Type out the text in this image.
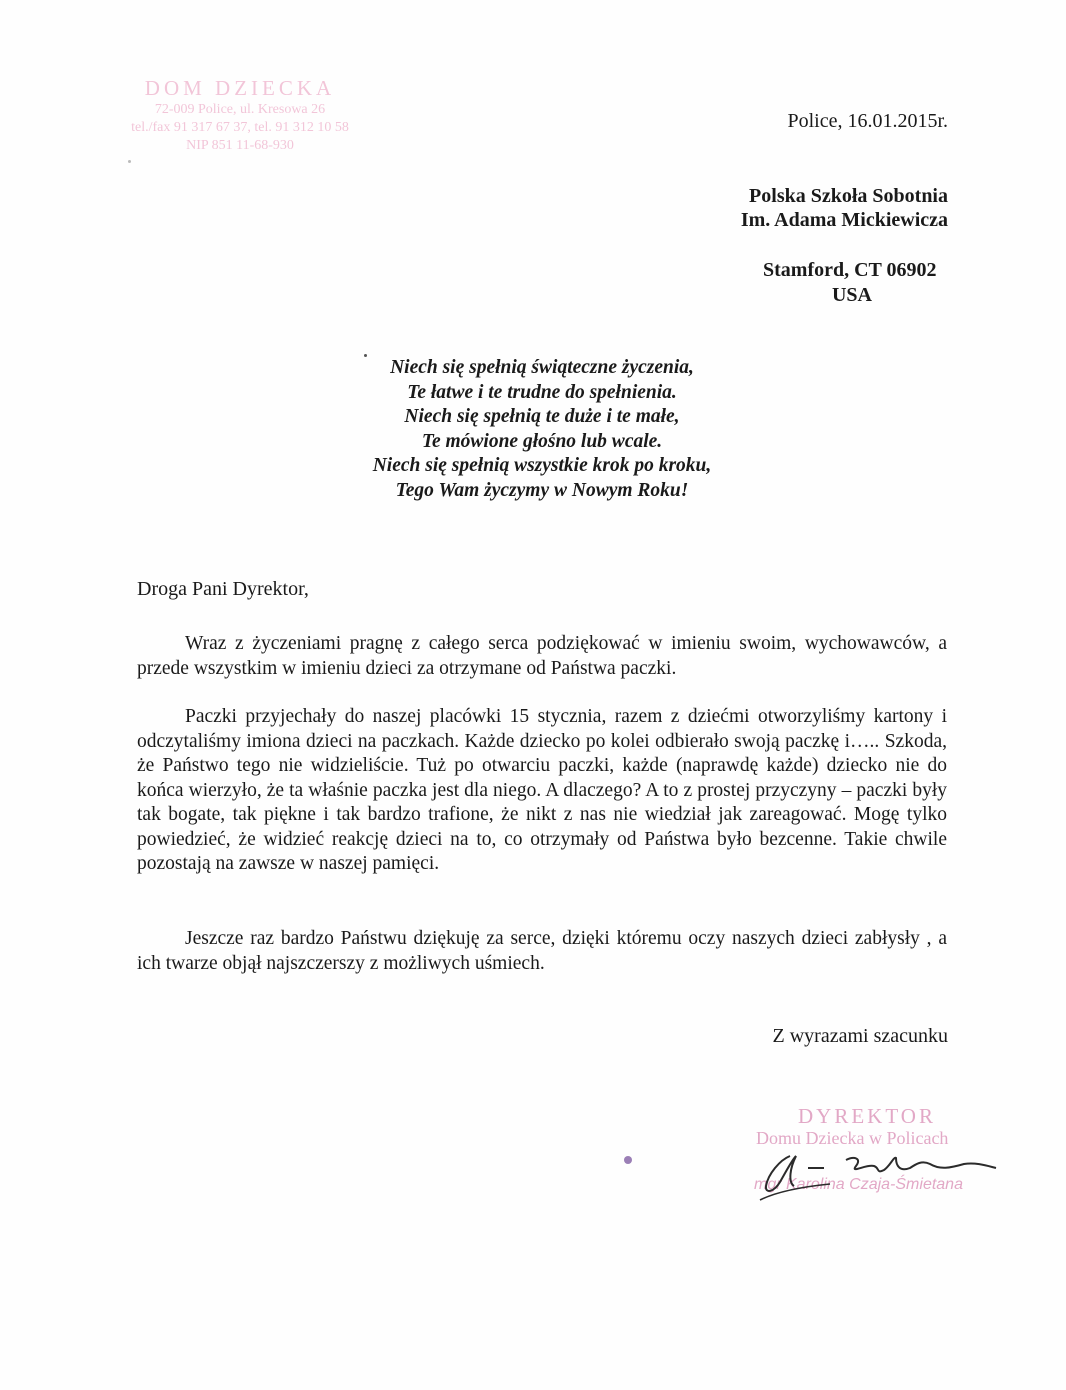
DOM DZIECKA
72-009 Police, ul. Kresowa 26
tel./fax 91 317 67 37, tel. 91 312 10 58
NIP 851 11-68-930
Police, 16.01.2015r.
Polska Szkoła Sobotnia
Im. Adama Mickiewicza
Stamford, CT 06902
USA
Niech się spełnią świąteczne życzenia,
Te łatwe i te trudne do spełnienia.
Niech się spełnią te duże i te małe,
Te mówione głośno lub wcale.
Niech się spełnią wszystkie krok po kroku,
Tego Wam życzymy w Nowym Roku!
Droga Pani Dyrektor,
Wraz z życzeniami pragnę z całego serca podziękować w imieniu swoim, wychowawców, a przede wszystkim w imieniu dzieci za otrzymane od Państwa paczki.
Paczki przyjechały do naszej placówki 15 stycznia, razem z dziećmi otworzyliśmy kartony i odczytaliśmy imiona dzieci na paczkach. Każde dziecko po kolei odbierało swoją paczkę i….. Szkoda, że Państwo tego nie widzieliście. Tuż po otwarciu paczki, każde (naprawdę każde) dziecko nie do końca wierzyło, że ta właśnie paczka jest dla niego. A dlaczego? A to z prostej przyczyny – paczki były tak bogate, tak piękne i tak bardzo trafione, że nikt z nas nie wiedział jak zareagować. Mogę tylko powiedzieć, że widzieć reakcję dzieci na to, co otrzymały od Państwa było bezcenne. Takie chwile pozostają na zawsze w naszej pamięci.
Jeszcze raz bardzo Państwu dziękuję za serce, dzięki któremu oczy naszych dzieci zabłysły , a ich twarze objął najszczerszy z możliwych uśmiech.
Z wyrazami szacunku
DYREKTOR
Domu Dziecka w Policach
mgr Karolina Czaja-Śmietana
